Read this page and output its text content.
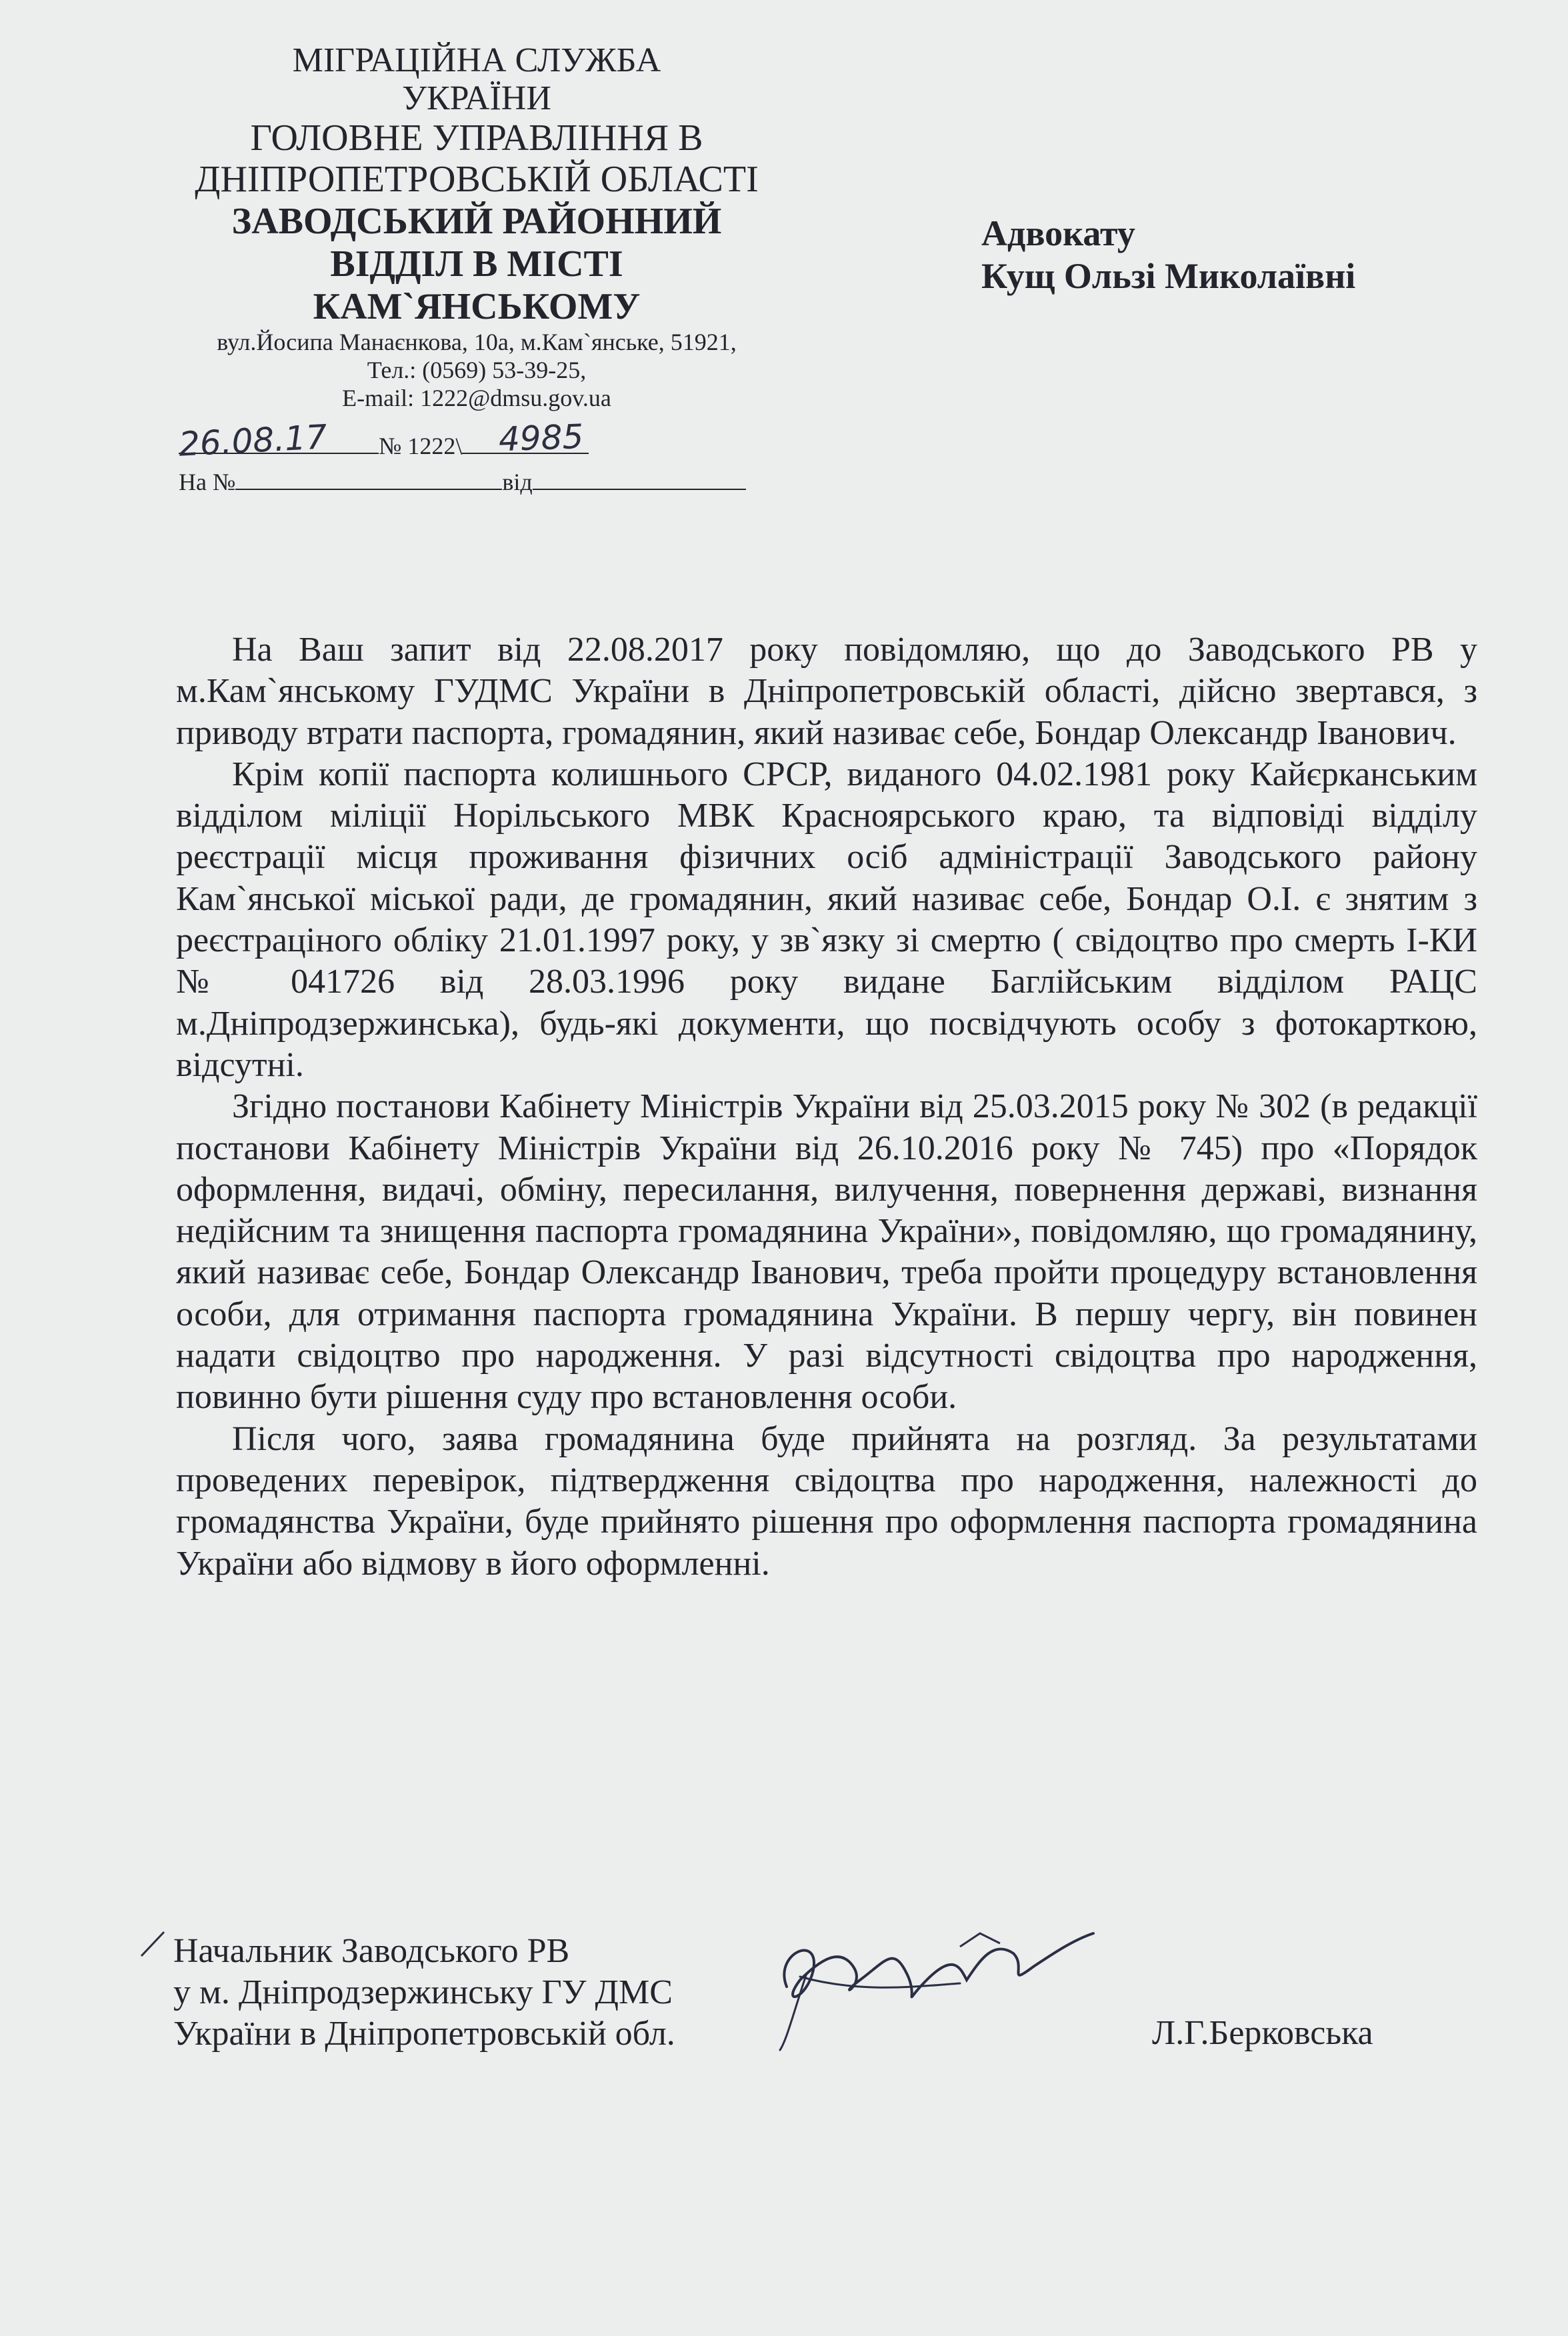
МІГРАЦІЙНА СЛУЖБА
УКРАЇНИ
ГОЛОВНЕ УПРАВЛІННЯ В
ДНІПРОПЕТРОВСЬКІЙ ОБЛАСТІ
ЗАВОДСЬКИЙ РАЙОННИЙ
ВІДДІЛ В МІСТІ
КАМ`ЯНСЬКОМУ
вул.Йосипа Манаєнкова, 10а, м.Кам`янське, 51921,
Тел.: (0569) 53-39-25,
E-mail: 1222@dmsu.gov.ua
№ 1222\
26.08.17	4985
На №	від
Адвокату
Кущ Ользі Миколаївні

На Ваш запит від 22.08.2017 року повідомляю, що до Заводського РВ у м.Кам`янському ГУДМС України в Дніпропетровській області, дійсно звертався, з приводу втрати паспорта, громадянин, який називає себе, Бондар Олександр Іванович.

Крім копії паспорта колишнього СРСР, виданого 04.02.1981 року Кайєрканським відділом міліції Норільського МВК Красноярського краю, та відповіді відділу реєстрації місця проживання фізичних осіб адміністрації Заводського району Кам`янської міської ради, де громадянин, який називає себе, Бондар О.І. є знятим з реєстраціного обліку 21.01.1997 року, у зв`язку зі смертю ( свідоцтво про смерть І-КИ № 041726 від 28.03.1996 року видане Баглійським відділом РАЦС м.Дніпродзержинська), будь-які документи, що посвідчують особу з фотокарткою, відсутні.

Згідно постанови Кабінету Міністрів України від 25.03.2015 року № 302 (в редакції постанови Кабінету Міністрів України від 26.10.2016 року № 745) про «Порядок оформлення, видачі, обміну, пересилання, вилучення, повернення державі, визнання недійсним та знищення паспорта громадянина України», повідомляю, що громадянину, який називає себе, Бондар Олександр Іванович, треба пройти процедуру встановлення особи, для отримання паспорта громадянина України. В першу чергу, він повинен надати свідоцтво про народження. У разі відсутності свідоцтва про народження, повинно бути рішення суду про встановлення особи.

Після чого, заява громадянина буде прийнята на розгляд. За результатами проведених перевірок, підтвердження свідоцтва про народження, належності до громадянства України, буде прийнято рішення про оформлення паспорта громадянина України або відмову в його оформленні.

Начальник Заводського РВ
у м. Дніпродзержинську ГУ ДМС
України в Дніпропетровській обл.	Л.Г.Берковська
